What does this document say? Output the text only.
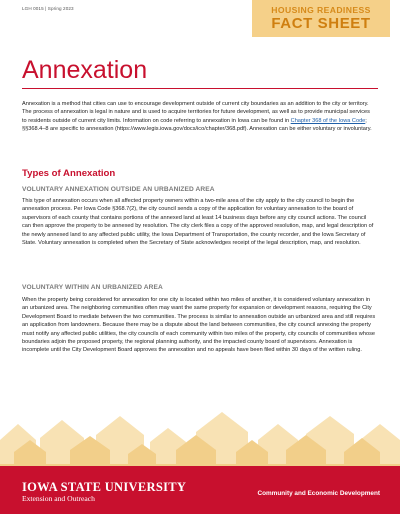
LGH 0015 | Spring 2023	HOUSING READINESS
FACT SHEET
Annexation

Annexation is a method that cities can use to encourage development outside of current city boundaries as an addition to the city or territory. The process of annexation is legal in nature and is used to acquire territories for future development, as well as to provide municipal services to residents outside of current city limits. Information on code referring to annexation in Iowa can be found in Chapter 368 of the Iowa Code; §§368.4–8 are specific to annexation (https://www.legis.iowa.gov/docs/ico/chapter/368.pdf). Annexation can be either voluntary or involuntary.

Types of Annexation
VOLUNTARY ANNEXATION OUTSIDE AN URBANIZED AREA

This type of annexation occurs when all affected property owners within a two-mile area of the city apply to the city council to begin the annexation process. Per Iowa Code §368.7(2), the city council sends a copy of the application for voluntary annexation to the board of supervisors of each county that contains portions of the annexed land at least 14 business days before any city council actions. The council can then approve the property to be annexed by resolution. The city clerk files a copy of the approved resolution, map, and legal description of the newly annexed land to any affected public utility, the Iowa Department of Transportation, the county recorder, and the Iowa Secretary of State. Voluntary annexation is completed when the Secretary of State acknowledges receipt of the legal description, map, and resolution.

VOLUNTARY WITHIN AN URBANIZED AREA

When the property being considered for annexation for one city is located within two miles of another, it is considered voluntary annexation in an urbanized area. The neighboring communities often may want the same property for expansion or development reasons, requiring the City Development Board to mediate between the two communities. The process is similar to annexation outside an urbanized area and still requires an application from landowners. Because there may be a dispute about the land between communities, the city council annexing the property must notify any affected public utilities, the city councils of each community within two miles of the property, city councils of communities whose boundaries adjoin the proposed property, the regional planning authority, and the impacted county board of supervisors. Annexation is incomplete until the City Development Board approves the annexation and no appeals have been filed within 30 days of the written ruling.

IOWA STATE UNIVERSITY
Extension and Outreach
Community and Economic Development
